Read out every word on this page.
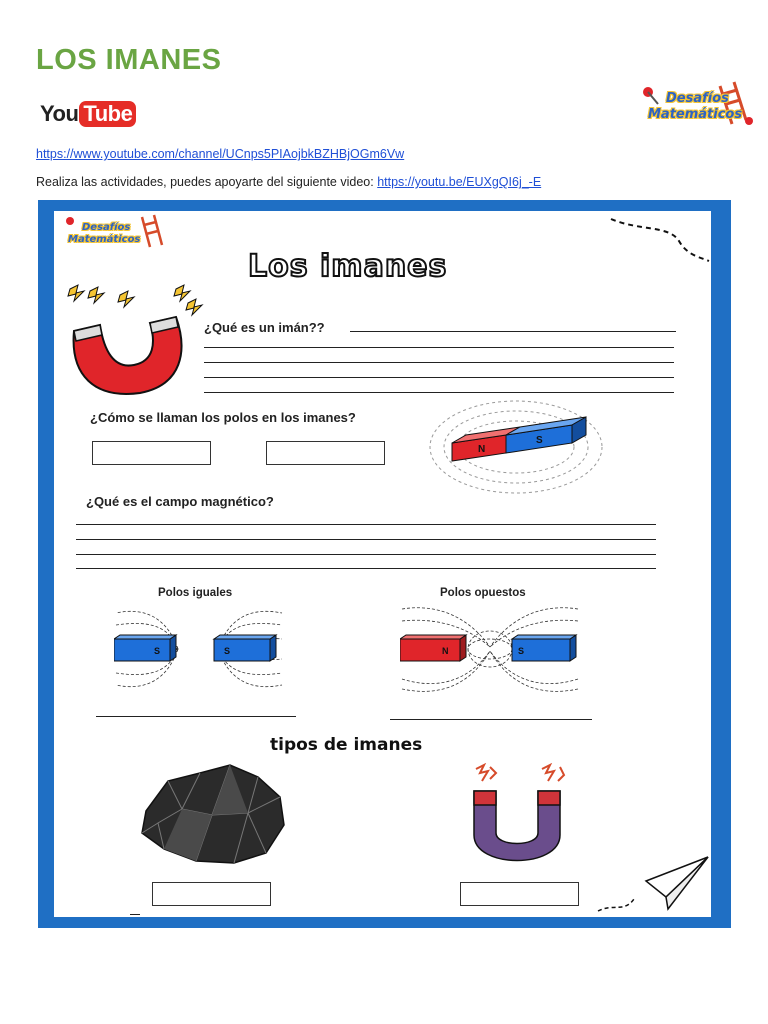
LOS IMANES
You Tube
Desafíos
Matemáticos
https://www.youtube.com/channel/UCnps5PIAojbkBZHBjOGm6Vw
Realiza las actividades, puedes apoyarte del siguiente video: https://youtu.be/EUXgQI6j_-E
Desafíos
Matemáticos
Los imanes
¿Qué es un imán??
¿Cómo se llaman los polos en los imanes?
N
S
¿Qué es el campo magnético?
Polos iguales	Polos opuestos
S	S	N	S
tipos de imanes
